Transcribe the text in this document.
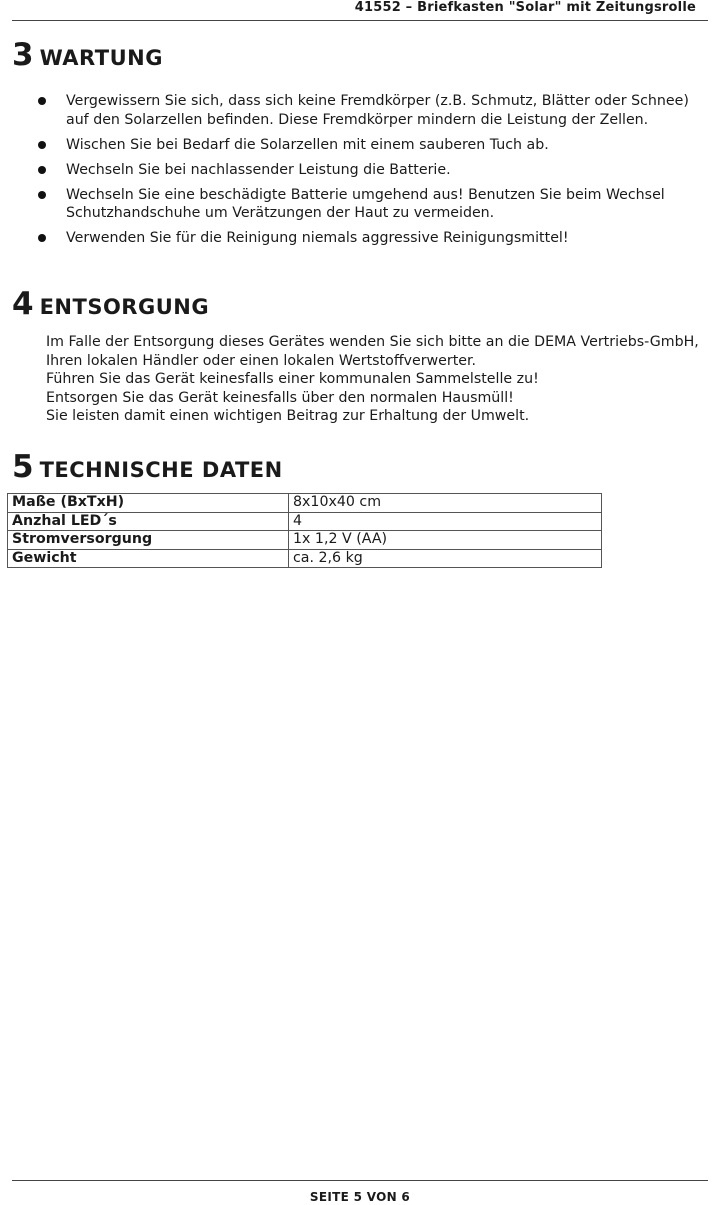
41552 – Briefkasten "Solar" mit Zeitungsrolle
3 WARTUNG
Vergewissern Sie sich, dass sich keine Fremdkörper (z.B. Schmutz, Blätter oder Schnee) auf den Solarzellen befinden. Diese Fremdkörper mindern die Leistung der Zellen.
Wischen Sie bei Bedarf die Solarzellen mit einem sauberen Tuch ab.
Wechseln Sie bei nachlassender Leistung die Batterie.
Wechseln Sie eine beschädigte Batterie umgehend aus! Benutzen Sie beim Wechsel Schutzhandschuhe um Verätzungen der Haut zu vermeiden.
Verwenden Sie für die Reinigung niemals aggressive Reinigungsmittel!
4 ENTSORGUNG

Im Falle der Entsorgung dieses Gerätes wenden Sie sich bitte an die DEMA Vertriebs-GmbH, Ihren lokalen Händler oder einen lokalen Wertstoffverwerter.

Führen Sie das Gerät keinesfalls einer kommunalen Sammelstelle zu!

Entsorgen Sie das Gerät keinesfalls über den normalen Hausmüll!

Sie leisten damit einen wichtigen Beitrag zur Erhaltung der Umwelt.

5 TECHNISCHE DATEN
Maße (BxTxH)	8x10x40 cm
Anzhal LED´s	4
Stromversorgung	1x 1,2 V (AA)
Gewicht	ca. 2,6 kg
SEITE 5 VON 6
